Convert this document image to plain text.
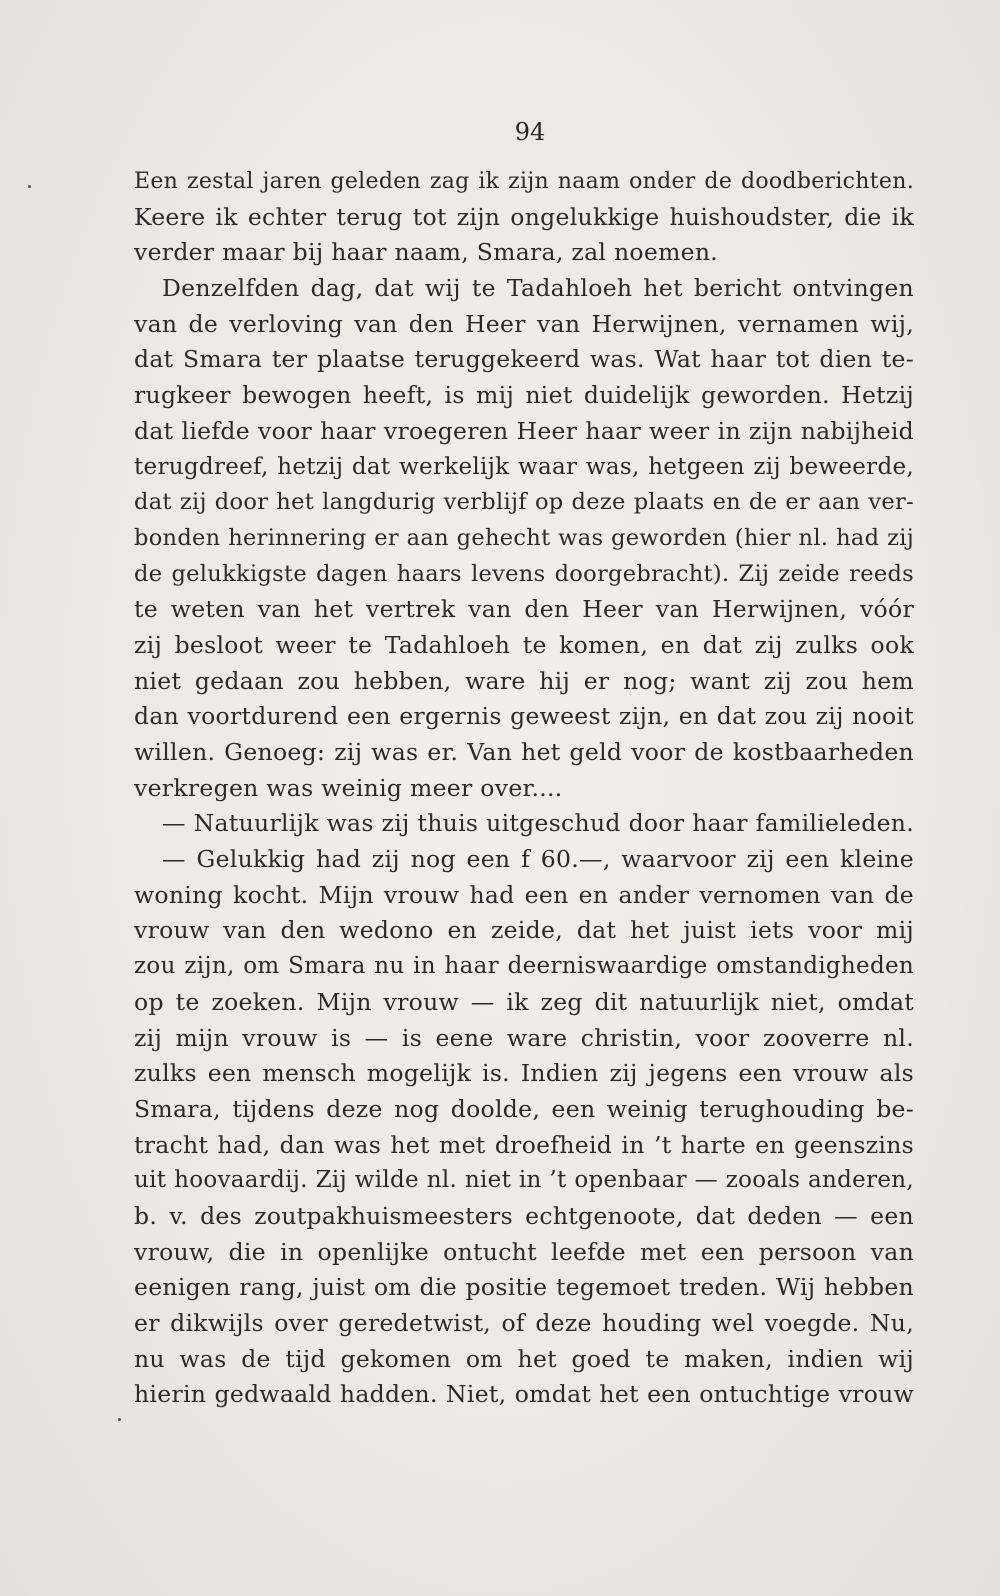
94
Een zestal jaren geleden zag ik zijn naam onder de doodberichten.
Keere ik echter terug tot zijn ongelukkige huishoudster, die ik
verder maar bij haar naam, Smara, zal noemen.
Denzelfden dag, dat wij te Tadahloeh het bericht ontvingen
van de verloving van den Heer van Herwijnen, vernamen wij,
dat Smara ter plaatse teruggekeerd was. Wat haar tot dien te-
rugkeer bewogen heeft, is mij niet duidelijk geworden. Hetzij
dat liefde voor haar vroegeren Heer haar weer in zijn nabijheid
terugdreef, hetzij dat werkelijk waar was, hetgeen zij beweerde,
dat zij door het langdurig verblijf op deze plaats en de er aan ver-
bonden herinnering er aan gehecht was geworden (hier nl. had zij
de gelukkigste dagen haars levens doorgebracht). Zij zeide reeds
te weten van het vertrek van den Heer van Herwijnen, vóór
zij besloot weer te Tadahloeh te komen, en dat zij zulks ook
niet gedaan zou hebben, ware hij er nog; want zij zou hem
dan voortdurend een ergernis geweest zijn, en dat zou zij nooit
willen. Genoeg: zij was er. Van het geld voor de kostbaarheden
verkregen was weinig meer over....
— Natuurlijk was zij thuis uitgeschud door haar familieleden.
— Gelukkig had zij nog een f 60.—, waarvoor zij een kleine
woning kocht. Mijn vrouw had een en ander vernomen van de
vrouw van den wedono en zeide, dat het juist iets voor mij
zou zijn, om Smara nu in haar deerniswaardige omstandigheden
op te zoeken. Mijn vrouw — ik zeg dit natuurlijk niet, omdat
zij mijn vrouw is — is eene ware christin, voor zooverre nl.
zulks een mensch mogelijk is. Indien zij jegens een vrouw als
Smara, tijdens deze nog doolde, een weinig terughouding be-
tracht had, dan was het met droefheid in ’t harte en geenszins
uit hoovaardij. Zij wilde nl. niet in ’t openbaar — zooals anderen,
b. v. des zoutpakhuismeesters echtgenoote, dat deden — een
vrouw, die in openlijke ontucht leefde met een persoon van
eenigen rang, juist om die positie tegemoet treden. Wij hebben
er dikwijls over geredetwist, of deze houding wel voegde. Nu,
nu was de tijd gekomen om het goed te maken, indien wij
hierin gedwaald hadden. Niet, omdat het een ontuchtige vrouw
